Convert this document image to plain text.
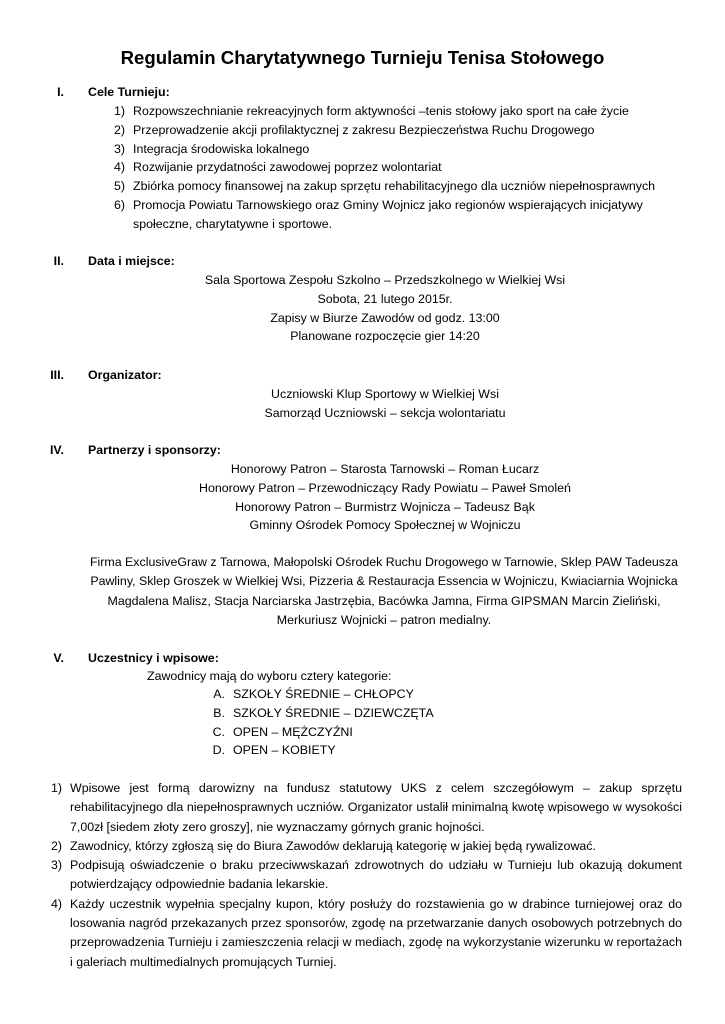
Regulamin Charytatywnego Turnieju Tenisa Stołowego
I. Cele Turnieju:
1) Rozpowszechnianie rekreacyjnych form aktywności –tenis stołowy jako sport na całe życie
2) Przeprowadzenie akcji profilaktycznej z zakresu Bezpieczeństwa Ruchu Drogowego
3) Integracja środowiska lokalnego
4) Rozwijanie przydatności zawodowej poprzez wolontariat
5) Zbiórka pomocy finansowej na zakup sprzętu rehabilitacyjnego dla uczniów niepełnosprawnych
6) Promocja Powiatu Tarnowskiego oraz Gminy Wojnicz jako regionów wspierających inicjatywy
społeczne, charytatywne i sportowe.
II. Data i miejsce:
Sala Sportowa Zespołu Szkolno – Przedszkolnego w Wielkiej Wsi
Sobota, 21 lutego 2015r.
Zapisy w Biurze Zawodów od godz. 13:00
Planowane rozpoczęcie gier 14:20
III. Organizator:
Uczniowski Klup Sportowy w Wielkiej Wsi
Samorząd Uczniowski – sekcja wolontariatu
IV. Partnerzy i sponsorzy:
Honorowy Patron – Starosta Tarnowski – Roman Łucarz
Honorowy Patron – Przewodniczący Rady Powiatu – Paweł Smoleń
Honorowy Patron – Burmistrz Wojnicza – Tadeusz Bąk
Gminny Ośrodek Pomocy Społecznej w Wojniczu
Firma ExclusiveGraw z Tarnowa, Małopolski Ośrodek Ruchu Drogowego w Tarnowie, Sklep PAW Tadeusza Pawliny, Sklep Groszek w Wielkiej Wsi, Pizzeria & Restauracja Essencia w Wojniczu, Kwiaciarnia Wojnicka Magdalena Malisz, Stacja Narciarska Jastrzębia, Bacówka Jamna, Firma GIPSMAN Marcin Zieliński, Merkuriusz Wojnicki – patron medialny.
V. Uczestnicy i wpisowe:
Zawodnicy mają do wyboru cztery kategorie:
A. SZKOŁY ŚREDNIE – CHŁOPCY
B. SZKOŁY ŚREDNIE – DZIEWCZĘTA
C. OPEN – MĘŻCZYŹNI
D. OPEN – KOBIETY
1) Wpisowe jest formą darowizny na fundusz statutowy UKS z celem szczegółowym – zakup sprzętu rehabilitacyjnego dla niepełnosprawnych uczniów. Organizator ustalił minimalną kwotę wpisowego w wysokości 7,00zł [siedem złoty zero groszy], nie wyznaczamy górnych granic hojności.
2) Zawodnicy, którzy zgłoszą się do Biura Zawodów deklarują kategorię w jakiej będą rywalizować.
3) Podpisują oświadczenie o braku przeciwwskazań zdrowotnych do udziału w Turnieju lub okazują dokument potwierdzający odpowiednie badania lekarskie.
4) Każdy uczestnik wypełnia specjalny kupon, który posłuży do rozstawienia go w drabince turniejowej oraz do losowania nagród przekazanych przez sponsorów, zgodę na przetwarzanie danych osobowych potrzebnych do przeprowadzenia Turnieju i zamieszczenia relacji w mediach, zgodę na wykorzystanie wizerunku w reportażach i galeriach multimedialnych promujących Turniej.
